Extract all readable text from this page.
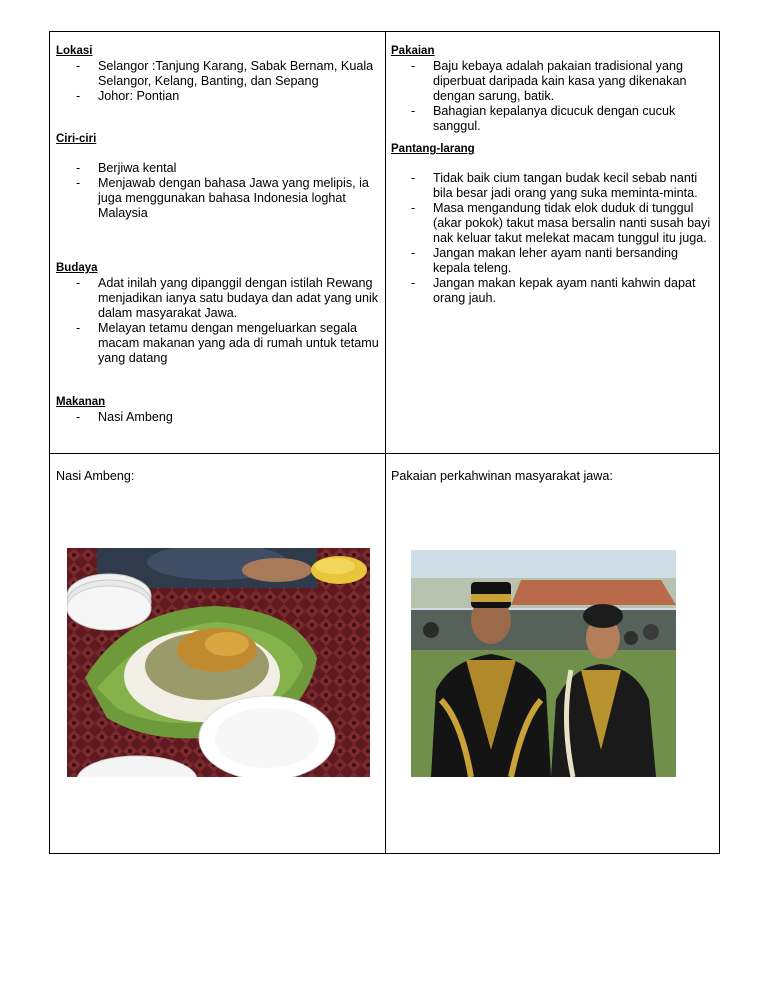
Lokasi
- Selangor :Tanjung Karang, Sabak Bernam, Kuala Selangor, Kelang, Banting, dan Sepang
- Johor: Pontian
Ciri-ciri
- Berjiwa kental
- Menjawab dengan bahasa Jawa yang melipis, ia juga menggunakan bahasa Indonesia loghat Malaysia
Budaya
- Adat inilah yang dipanggil dengan istilah Rewang menjadikan ianya satu budaya dan adat yang unik dalam masyarakat Jawa.
- Melayan tetamu dengan mengeluarkan segala macam makanan yang ada di rumah untuk tetamu yang datang
Makanan
- Nasi Ambeng
Pakaian
- Baju kebaya adalah pakaian tradisional yang diperbuat daripada kain kasa yang dikenakan dengan sarung, batik.
- Bahagian kepalanya dicucuk dengan cucuk sanggul.
Pantang-larang
- Tidak baik cium tangan budak kecil sebab nanti bila besar jadi orang yang suka meminta-minta.
- Masa mengandung tidak elok duduk di tunggul (akar pokok) takut masa bersalin nanti susah bayi nak keluar takut melekat macam tunggul itu juga.
- Jangan makan leher ayam nanti bersanding kepala teleng.
- Jangan makan kepak ayam nanti kahwin dapat orang jauh.
Nasi Ambeng:	Pakaian perkahwinan masyarakat jawa:
